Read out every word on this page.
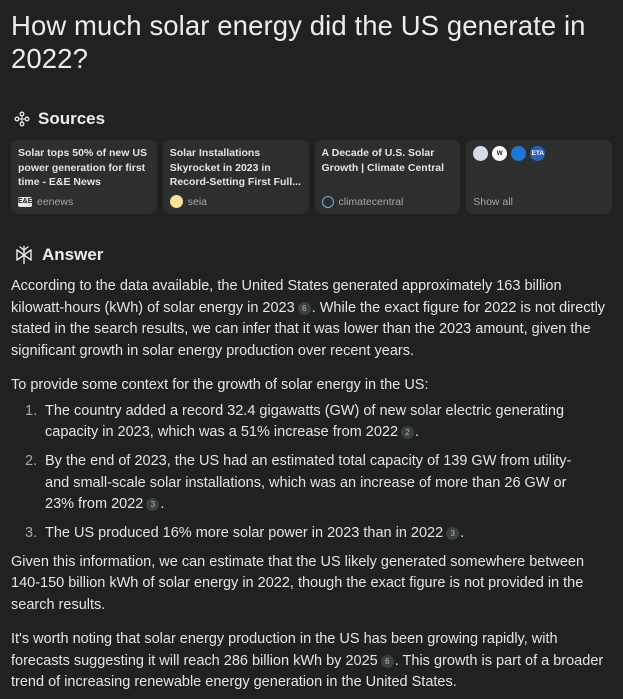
How much solar energy did the US generate in 2022?
Sources
Solar tops 50% of new US power generation for first time - E&E News
E&E eenews
Solar Installations Skyrocket in 2023 in Record-Setting First Full...
seia
A Decade of U.S. Solar Growth | Climate Central
climatecentral
W	ETA
Show all
Answer

According to the data available, the United States generated approximately 163 billion kilowatt-hours (kWh) of solar energy in 2023 6 . While the exact figure for 2022 is not directly stated in the search results, we can infer that it was lower than the 2023 amount, given the significant growth in solar energy production over recent years.

To provide some context for the growth of solar energy in the US:

1. The country added a record 32.4 gigawatts (GW) of new solar electric generating capacity in 2023, which was a 51% increase from 2022 2 .
2. By the end of 2023, the US had an estimated total capacity of 139 GW from utility- and small-scale solar installations, which was an increase of more than 26 GW or 23% from 2022 3 .
3. The US produced 16% more solar power in 2023 than in 2022 3 .

Given this information, we can estimate that the US likely generated somewhere between 140-150 billion kWh of solar energy in 2022, though the exact figure is not provided in the search results.

It's worth noting that solar energy production in the US has been growing rapidly, with forecasts suggesting it will reach 286 billion kWh by 2025 6 . This growth is part of a broader trend of increasing renewable energy generation in the United States.
